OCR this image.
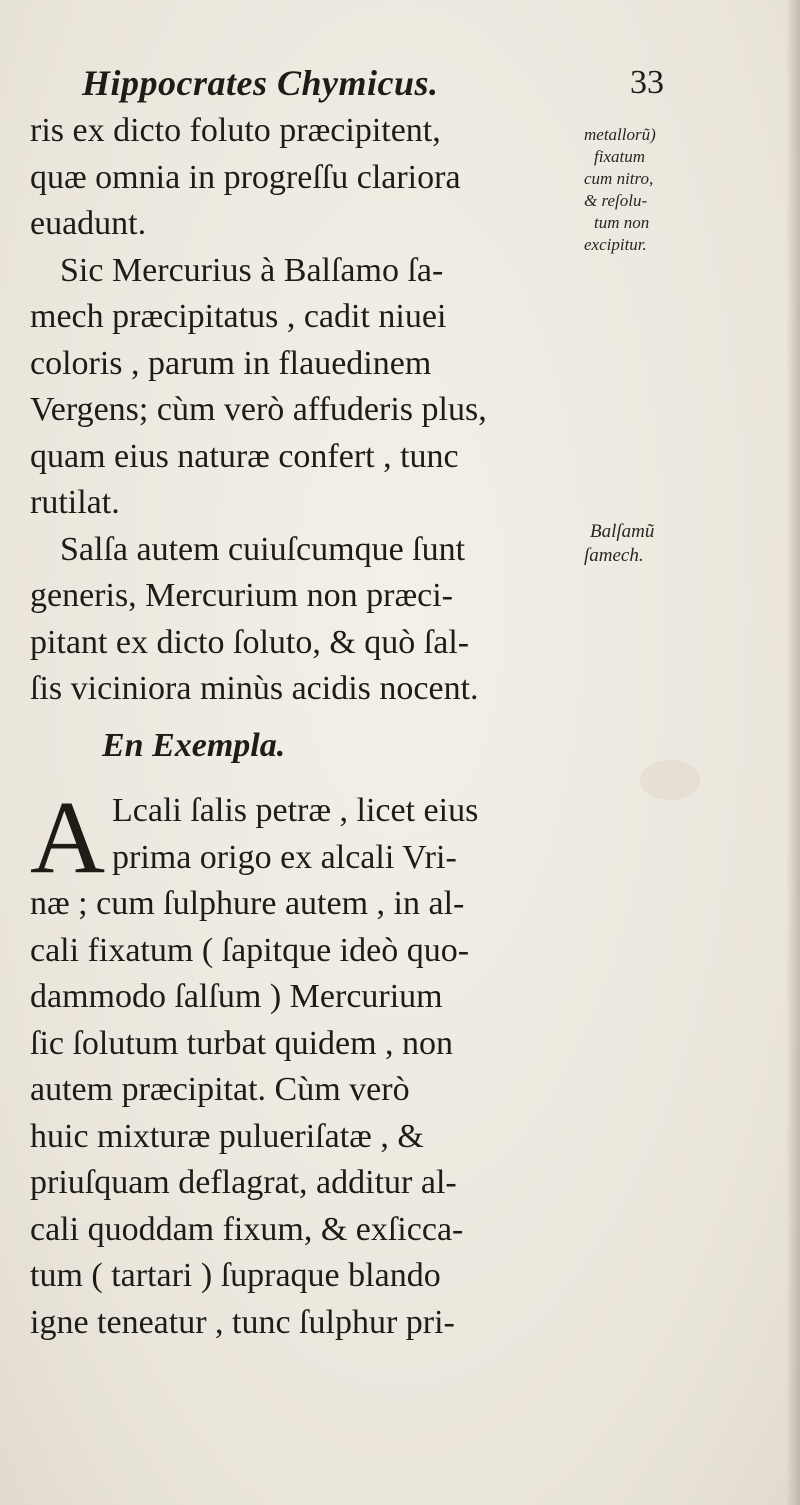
Hippocrates Chymicus.	33
ris ex dicto foluto præcipitent,
quæ omnia in progreſſu clariora
euadunt.
Sic Mercurius à Balſamo ſa-
mech præcipitatus , cadit niuei
coloris , parum in flauedinem
Vergens; cùm verò affuderis plus,
quam eius naturæ confert , tunc
rutilat.
Salſa autem cuiuſcumque ſunt
generis, Mercurium non præci-
pitant ex dicto ſoluto, & quò ſal-
ſis viciniora minùs acidis nocent.
metallorũ)
fixatum
cum nitro,
& reſolu-
tum non
excipitur.
Balſamũ
ſamech.
En Exempla.
A Lcali ſalis petræ , licet eius
prima origo ex alcali Vri-
næ ; cum ſulphure autem , in al-
cali fixatum ( ſapitque ideò quo-
dammodo ſalſum ) Mercurium
ſic ſolutum turbat quidem , non
autem præcipitat. Cùm verò
huic mixturæ pulueriſatæ , &
priuſquam deflagrat, additur al-
cali quoddam fixum, & exſicca-
tum ( tartari ) ſupraque blando
igne teneatur , tunc ſulphur pri-
